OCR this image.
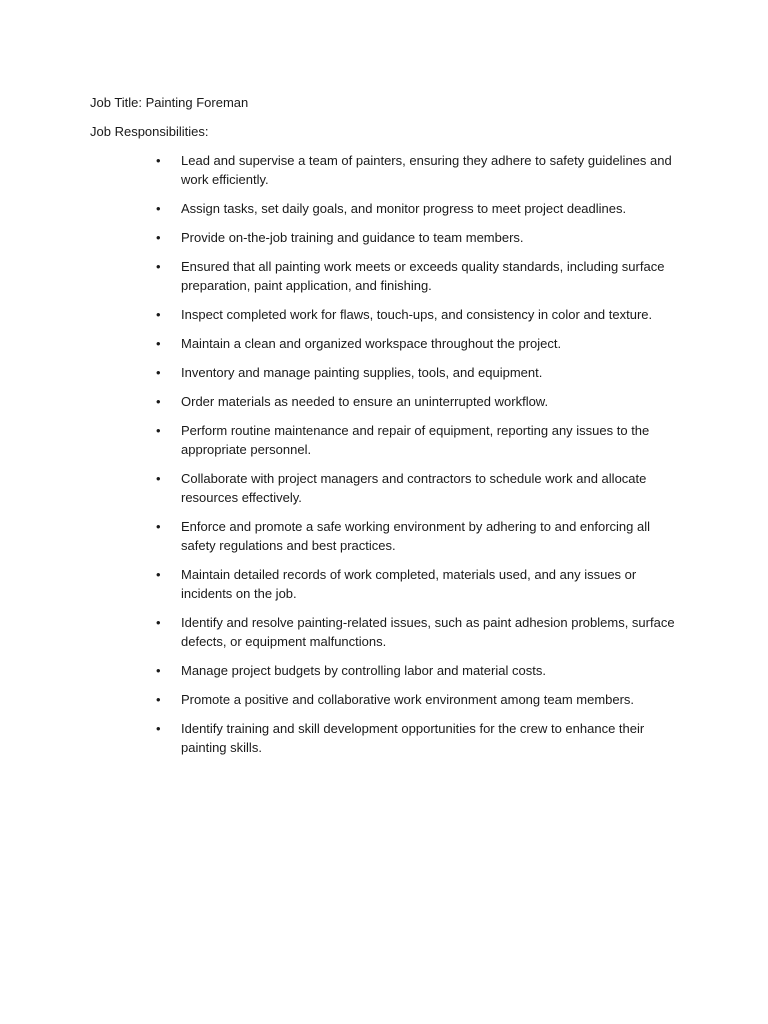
Job Title: Painting Foreman

Job Responsibilities:

• Lead and supervise a team of painters, ensuring they adhere to safety guidelines and work efficiently.
• Assign tasks, set daily goals, and monitor progress to meet project deadlines.
• Provide on-the-job training and guidance to team members.
• Ensured that all painting work meets or exceeds quality standards, including surface preparation, paint application, and finishing.
• Inspect completed work for flaws, touch-ups, and consistency in color and texture.
• Maintain a clean and organized workspace throughout the project.
• Inventory and manage painting supplies, tools, and equipment.
• Order materials as needed to ensure an uninterrupted workflow.
• Perform routine maintenance and repair of equipment, reporting any issues to the appropriate personnel.
• Collaborate with project managers and contractors to schedule work and allocate resources effectively.
• Enforce and promote a safe working environment by adhering to and enforcing all safety regulations and best practices.
• Maintain detailed records of work completed, materials used, and any issues or incidents on the job.
• Identify and resolve painting-related issues, such as paint adhesion problems, surface defects, or equipment malfunctions.
• Manage project budgets by controlling labor and material costs.
• Promote a positive and collaborative work environment among team members.
• Identify training and skill development opportunities for the crew to enhance their painting skills.
